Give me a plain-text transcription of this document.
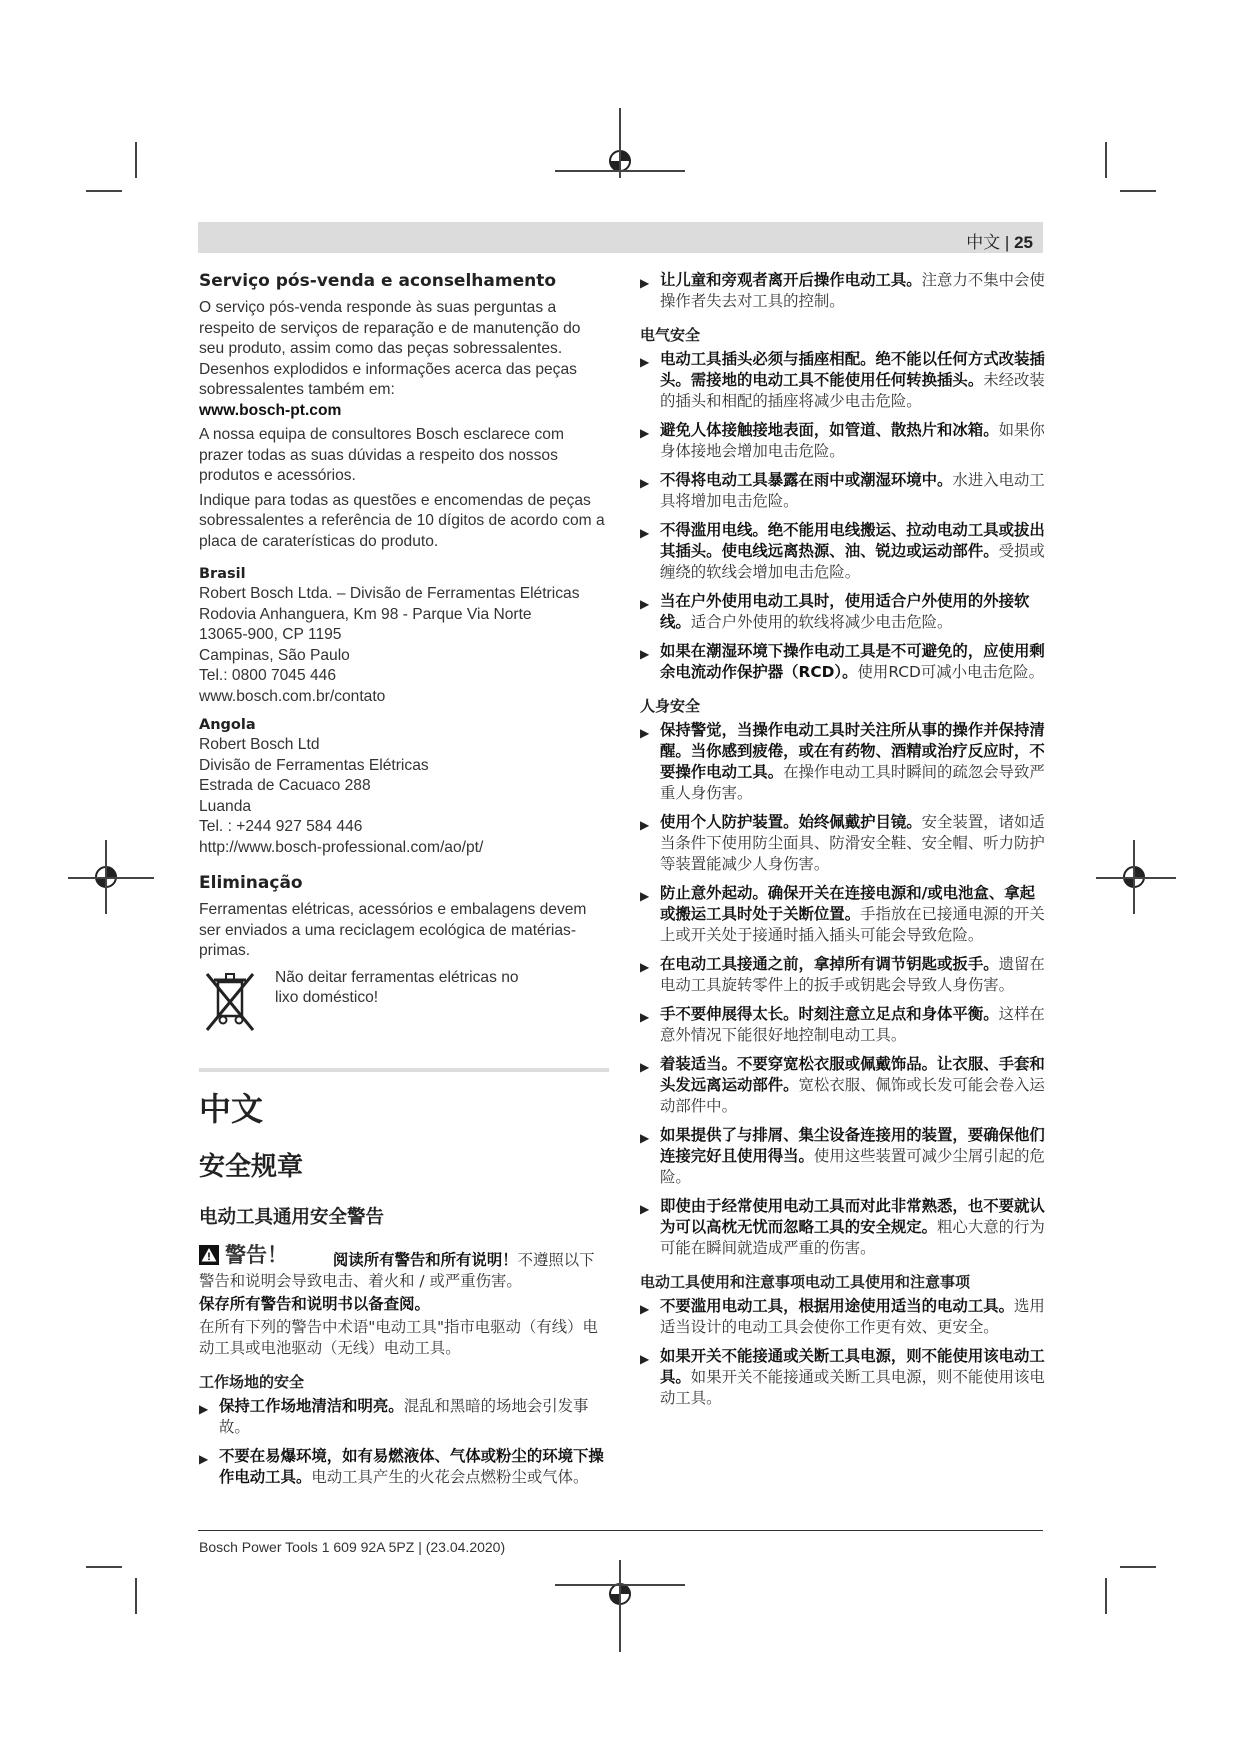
中文 | 25
Serviço pós-venda e aconselhamento
O serviço pós-venda responde às suas perguntas a respeito de serviços de reparação e de manutenção do seu produto, assim como das peças sobressalentes. Desenhos explodidos e informações acerca das peças sobressalentes também em:
www.bosch-pt.com
A nossa equipa de consultores Bosch esclarece com prazer todas as suas dúvidas a respeito dos nossos produtos e acessórios.
Indique para todas as questões e encomendas de peças sobressalentes a referência de 10 dígitos de acordo com a placa de caraterísticas do produto.
Brasil
Robert Bosch Ltda. – Divisão de Ferramentas Elétricas
Rodovia Anhanguera, Km 98 - Parque Via Norte
13065-900, CP 1195
Campinas, São Paulo
Tel.: 0800 7045 446
www.bosch.com.br/contato
Angola
Robert Bosch Ltd
Divisão de Ferramentas Elétricas
Estrada de Cacuaco 288
Luanda
Tel. : +244 927 584 446
http://www.bosch-professional.com/ao/pt/
Eliminação
Ferramentas elétricas, acessórios e embalagens devem ser enviados a uma reciclagem ecológica de matérias-primas.
Não deitar ferramentas elétricas no lixo doméstico!
中文
安全规章
电动工具通用安全警告
警告！	阅读所有警告和所有说明！不遵照以下警告和说明会导致电击、着火和 / 或严重伤害。
保存所有警告和说明书以备查阅。
在所有下列的警告中术语"电动工具"指市电驱动（有线）电动工具或电池驱动（无线）电动工具。
工作场地的安全
▶ 保持工作场地清洁和明亮。混乱和黑暗的场地会引发事故。
▶ 不要在易爆环境，如有易燃液体、气体或粉尘的环境下操作电动工具。电动工具产生的火花会点燃粉尘或气体。
▶ 让儿童和旁观者离开后操作电动工具。注意力不集中会使操作者失去对工具的控制。
电气安全
▶ 电动工具插头必须与插座相配。绝不能以任何方式改装插头。需接地的电动工具不能使用任何转换插头。未经改装的插头和相配的插座将减少电击危险。
▶ 避免人体接触接地表面，如管道、散热片和冰箱。如果你身体接地会增加电击危险。
▶ 不得将电动工具暴露在雨中或潮湿环境中。水进入电动工具将增加电击危险。
▶ 不得滥用电线。绝不能用电线搬运、拉动电动工具或拔出其插头。使电线远离热源、油、锐边或运动部件。受损或缠绕的软线会增加电击危险。
▶ 当在户外使用电动工具时，使用适合户外使用的外接软线。适合户外使用的软线将减少电击危险。
▶ 如果在潮湿环境下操作电动工具是不可避免的，应使用剩余电流动作保护器（RCD）。使用RCD可减小电击危险。
人身安全
▶ 保持警觉，当操作电动工具时关注所从事的操作并保持清醒。当你感到疲倦，或在有药物、酒精或治疗反应时，不要操作电动工具。在操作电动工具时瞬间的疏忽会导致严重人身伤害。
▶ 使用个人防护装置。始终佩戴护目镜。安全装置，诸如适当条件下使用防尘面具、防滑安全鞋、安全帽、听力防护等装置能减少人身伤害。
▶ 防止意外起动。确保开关在连接电源和/或电池盒、拿起或搬运工具时处于关断位置。手指放在已接通电源的开关上或开关处于接通时插入插头可能会导致危险。
▶ 在电动工具接通之前，拿掉所有调节钥匙或扳手。遗留在电动工具旋转零件上的扳手或钥匙会导致人身伤害。
▶ 手不要伸展得太长。时刻注意立足点和身体平衡。这样在意外情况下能很好地控制电动工具。
▶ 着装适当。不要穿宽松衣服或佩戴饰品。让衣服、手套和头发远离运动部件。宽松衣服、佩饰或长发可能会卷入运动部件中。
▶ 如果提供了与排屑、集尘设备连接用的装置，要确保他们连接完好且使用得当。使用这些装置可减少尘屑引起的危险。
▶ 即使由于经常使用电动工具而对此非常熟悉，也不要就认为可以高枕无忧而忽略工具的安全规定。粗心大意的行为可能在瞬间就造成严重的伤害。
电动工具使用和注意事项电动工具使用和注意事项
▶ 不要滥用电动工具，根据用途使用适当的电动工具。选用适当设计的电动工具会使你工作更有效、更安全。
▶ 如果开关不能接通或关断工具电源，则不能使用该电动工具。如果开关不能接通或关断工具电源，则不能使用该电动工具。
Bosch Power Tools 1 609 92A 5PZ | (23.04.2020)
